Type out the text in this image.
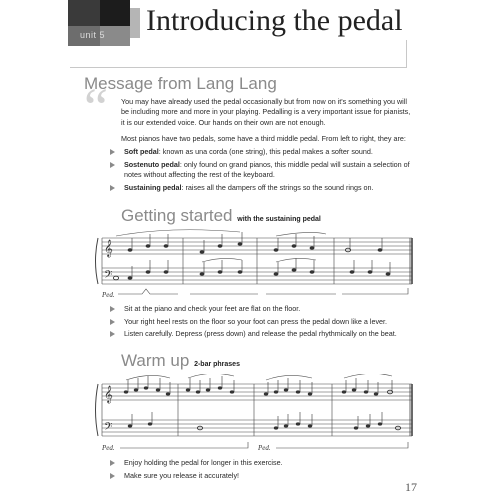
unit 5 Introducing the pedal
Message from Lang Lang
“ You may have already used the pedal occasionally but from now on it's something you will be including more and more in your playing. Pedalling is a very important issue for pianists, it is our extended voice. Our hands on their own are not enough.
Most pianos have two pedals, some have a third middle pedal. From left to right, they are:
Soft pedal: known as una corda (one string), this pedal makes a softer sound.
Sostenuto pedal: only found on grand pianos, this middle pedal will sustain a selection of notes without affecting the rest of the keyboard.
Sustaining pedal: raises all the dampers off the strings so the sound rings on.
Getting started with the sustaining pedal
𝄞
𝄢
Ped.
Sit at the piano and check your feet are flat on the floor.
Your right heel rests on the floor so your foot can press the pedal down like a lever.
Listen carefully. Depress (press down) and release the pedal rhythmically on the beat.
Warm up 2-bar phrases
𝄞
𝄢
Ped.	Ped.
Enjoy holding the pedal for longer in this exercise.
Make sure you release it accurately!
17
